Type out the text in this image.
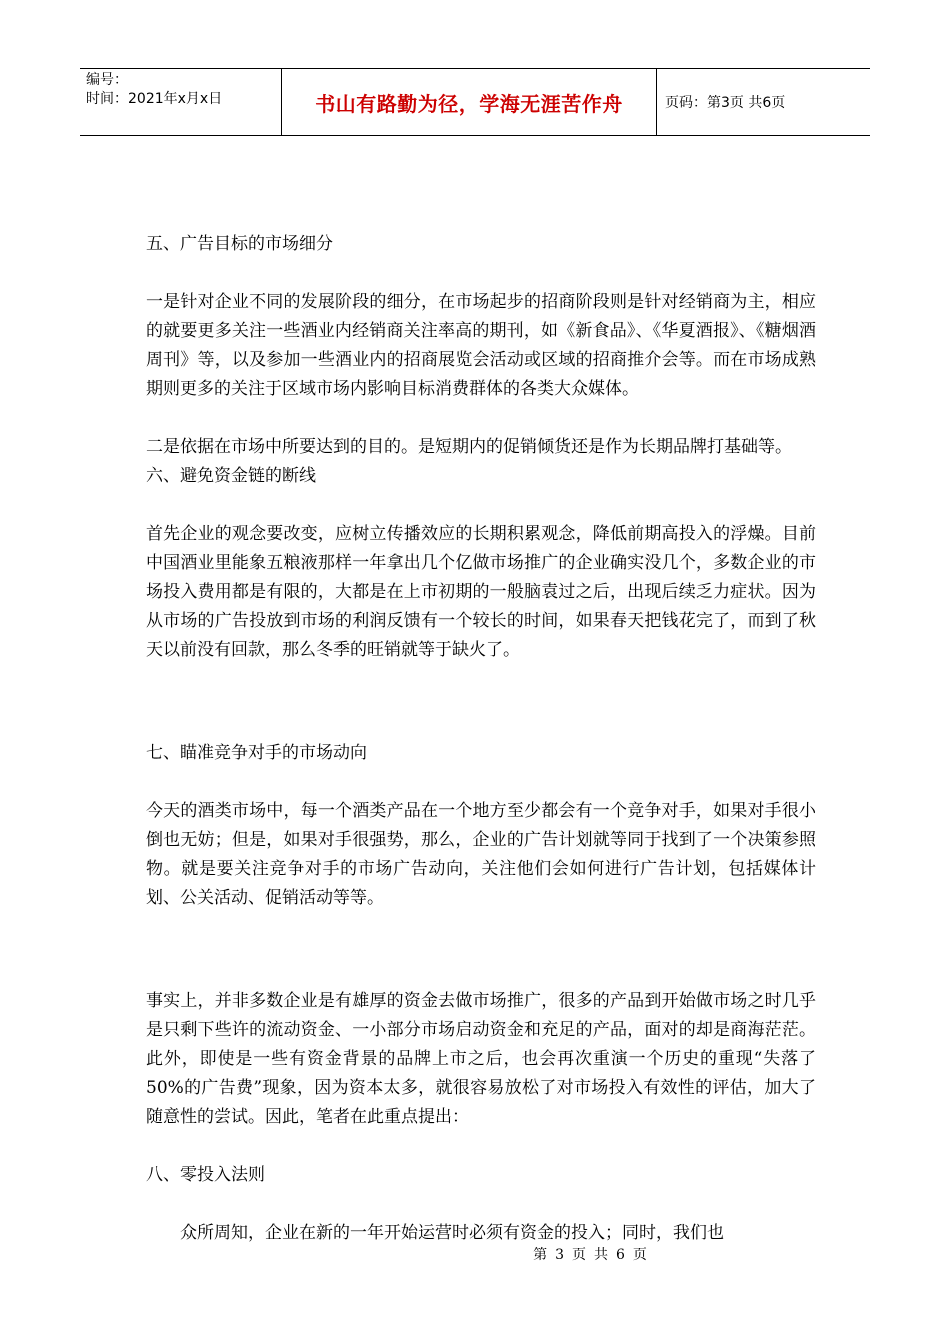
编号：
时间：2021年x月x日	书山有路勤为径，学海无涯苦作舟	页码：第3页 共6页

五、广告目标的市场细分

一是针对企业不同的发展阶段的细分，在市场起步的招商阶段则是针对经销商为主，相应的就要更多关注一些酒业内经销商关注率高的期刊，如《新食品》、《华夏酒报》、《糖烟酒周刊》等，以及参加一些酒业内的招商展览会活动或区域的招商推介会等。而在市场成熟期则更多的关注于区域市场内影响目标消费群体的各类大众媒体。

二是依据在市场中所要达到的目的。是短期内的促销倾货还是作为长期品牌打基础等。

六、避免资金链的断线

首先企业的观念要改变，应树立传播效应的长期积累观念，降低前期高投入的浮燥。目前中国酒业里能象五粮液那样一年拿出几个亿做市场推广的企业确实没几个，多数企业的市场投入费用都是有限的，大都是在上市初期的一般脑袁过之后，出现后续乏力症状。因为从市场的广告投放到市场的利润反馈有一个较长的时间，如果春天把钱花完了，而到了秋天以前没有回款，那么冬季的旺销就等于缺火了。

七、瞄准竞争对手的市场动向

今天的酒类市场中，每一个酒类产品在一个地方至少都会有一个竞争对手，如果对手很小倒也无妨；但是，如果对手很强势，那么，企业的广告计划就等同于找到了一个决策参照物。就是要关注竞争对手的市场广告动向，关注他们会如何进行广告计划，包括媒体计划、公关活动、促销活动等等。

事实上，并非多数企业是有雄厚的资金去做市场推广，很多的产品到开始做市场之时几乎是只剩下些许的流动资金、一小部分市场启动资金和充足的产品，面对的却是商海茫茫。此外，即使是一些有资金背景的品牌上市之后，也会再次重演一个历史的重现“失落了50%的广告费”现象，因为资本太多，就很容易放松了对市场投入有效性的评估，加大了随意性的尝试。因此，笔者在此重点提出：

八、零投入法则

众所周知，企业在新的一年开始运营时必须有资金的投入；同时，我们也

第 3 页 共 6 页
